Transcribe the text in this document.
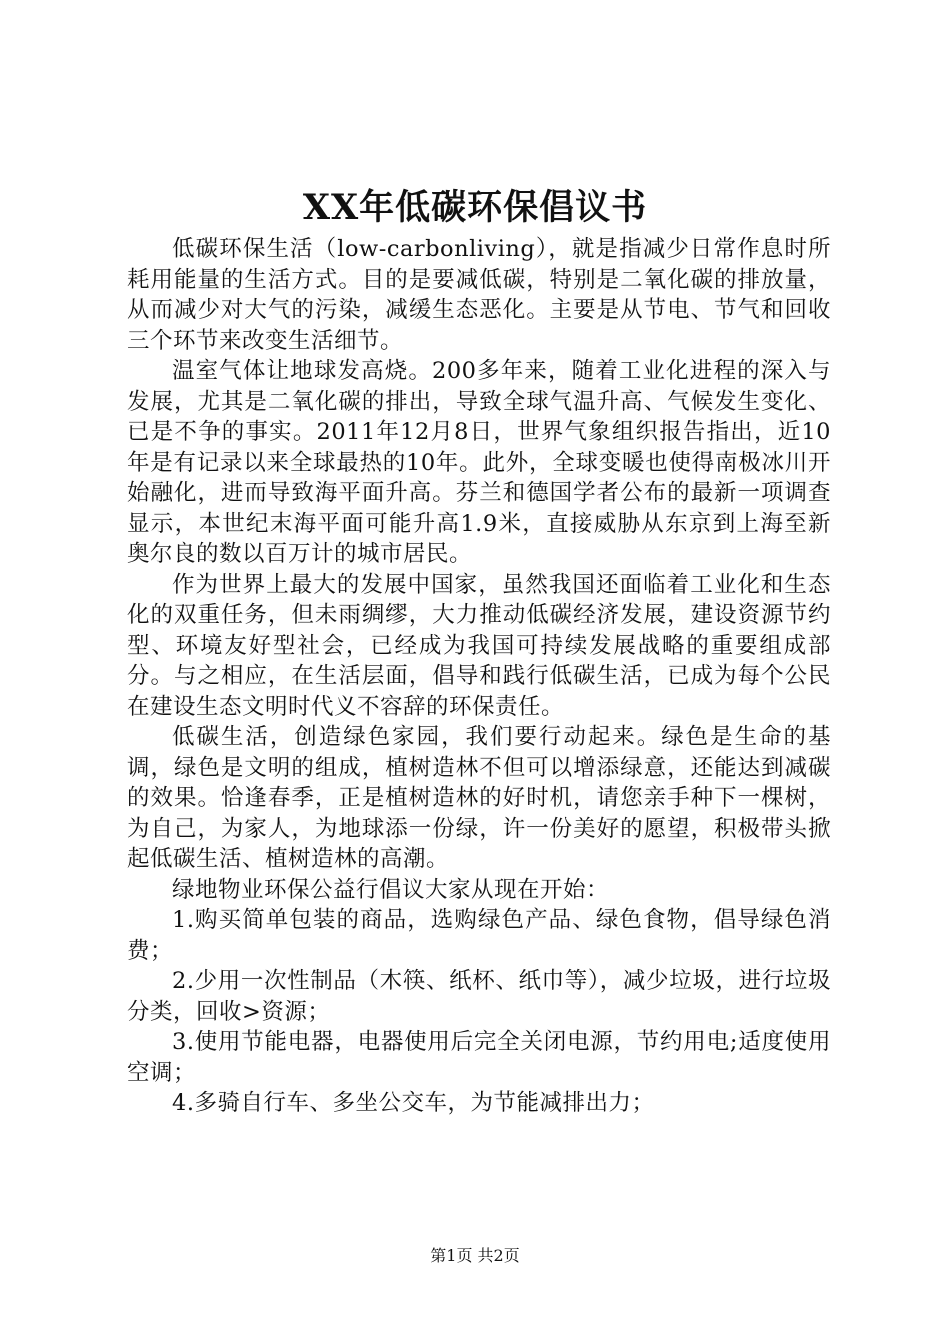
XX年低碳环保倡议书

低碳环保生活（low-carbonliving），就是指减少日常作息时所耗用能量的生活方式。目的是要减低碳，特别是二氧化碳的排放量，从而减少对大气的污染，减缓生态恶化。主要是从节电、节气和回收三个环节来改变生活细节。

温室气体让地球发高烧。200多年来，随着工业化进程的深入与发展，尤其是二氧化碳的排出，导致全球气温升高、气候发生变化、已是不争的事实。2011年12月8日，世界气象组织报告指出，近10年是有记录以来全球最热的10年。此外，全球变暖也使得南极冰川开始融化，进而导致海平面升高。芬兰和德国学者公布的最新一项调查显示，本世纪末海平面可能升高1.9米，直接威胁从东京到上海至新奥尔良的数以百万计的城市居民。

作为世界上最大的发展中国家，虽然我国还面临着工业化和生态化的双重任务，但未雨绸缪，大力推动低碳经济发展，建设资源节约型、环境友好型社会，已经成为我国可持续发展战略的重要组成部分。与之相应，在生活层面，倡导和践行低碳生活，已成为每个公民在建设生态文明时代义不容辞的环保责任。

低碳生活，创造绿色家园，我们要行动起来。绿色是生命的基调，绿色是文明的组成，植树造林不但可以增添绿意，还能达到减碳的效果。恰逢春季，正是植树造林的好时机，请您亲手种下一棵树，为自己，为家人，为地球添一份绿，许一份美好的愿望，积极带头掀起低碳生活、植树造林的高潮。

绿地物业环保公益行倡议大家从现在开始：

1.购买简单包装的商品，选购绿色产品、绿色食物，倡导绿色消费；

2.少用一次性制品（木筷、纸杯、纸巾等），减少垃圾，进行垃圾分类，回收>资源；

3.使用节能电器，电器使用后完全关闭电源，节约用电;适度使用空调；

4.多骑自行车、多坐公交车，为节能减排出力；

第1页 共2页
